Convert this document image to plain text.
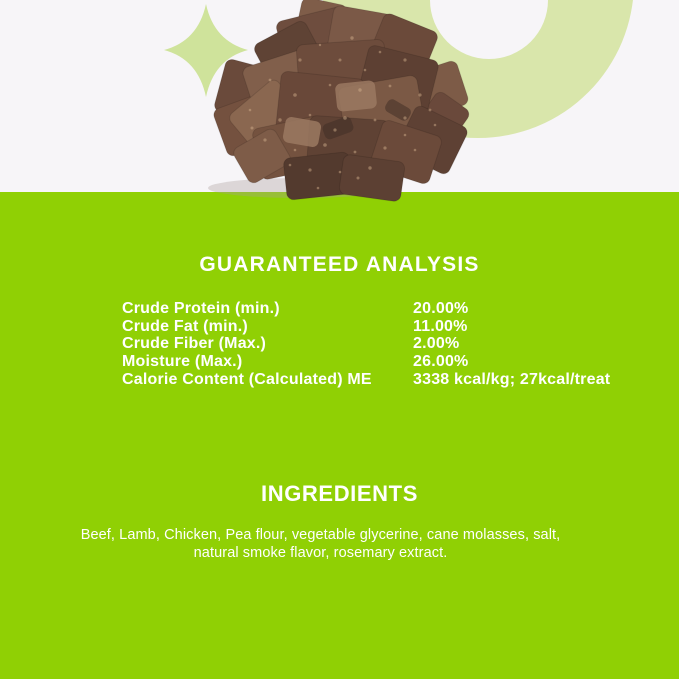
GUARANTEED ANALYSIS
Crude Protein (min.)	20.00%
Crude Fat (min.)	11.00%
Crude Fiber (Max.)	2.00%
Moisture (Max.)	26.00%
Calorie Content (Calculated) ME	3338 kcal/kg; 27kcal/treat
INGREDIENTS

Beef, Lamb, Chicken, Pea flour, vegetable glycerine, cane molasses, salt, natural smoke flavor, rosemary extract.
